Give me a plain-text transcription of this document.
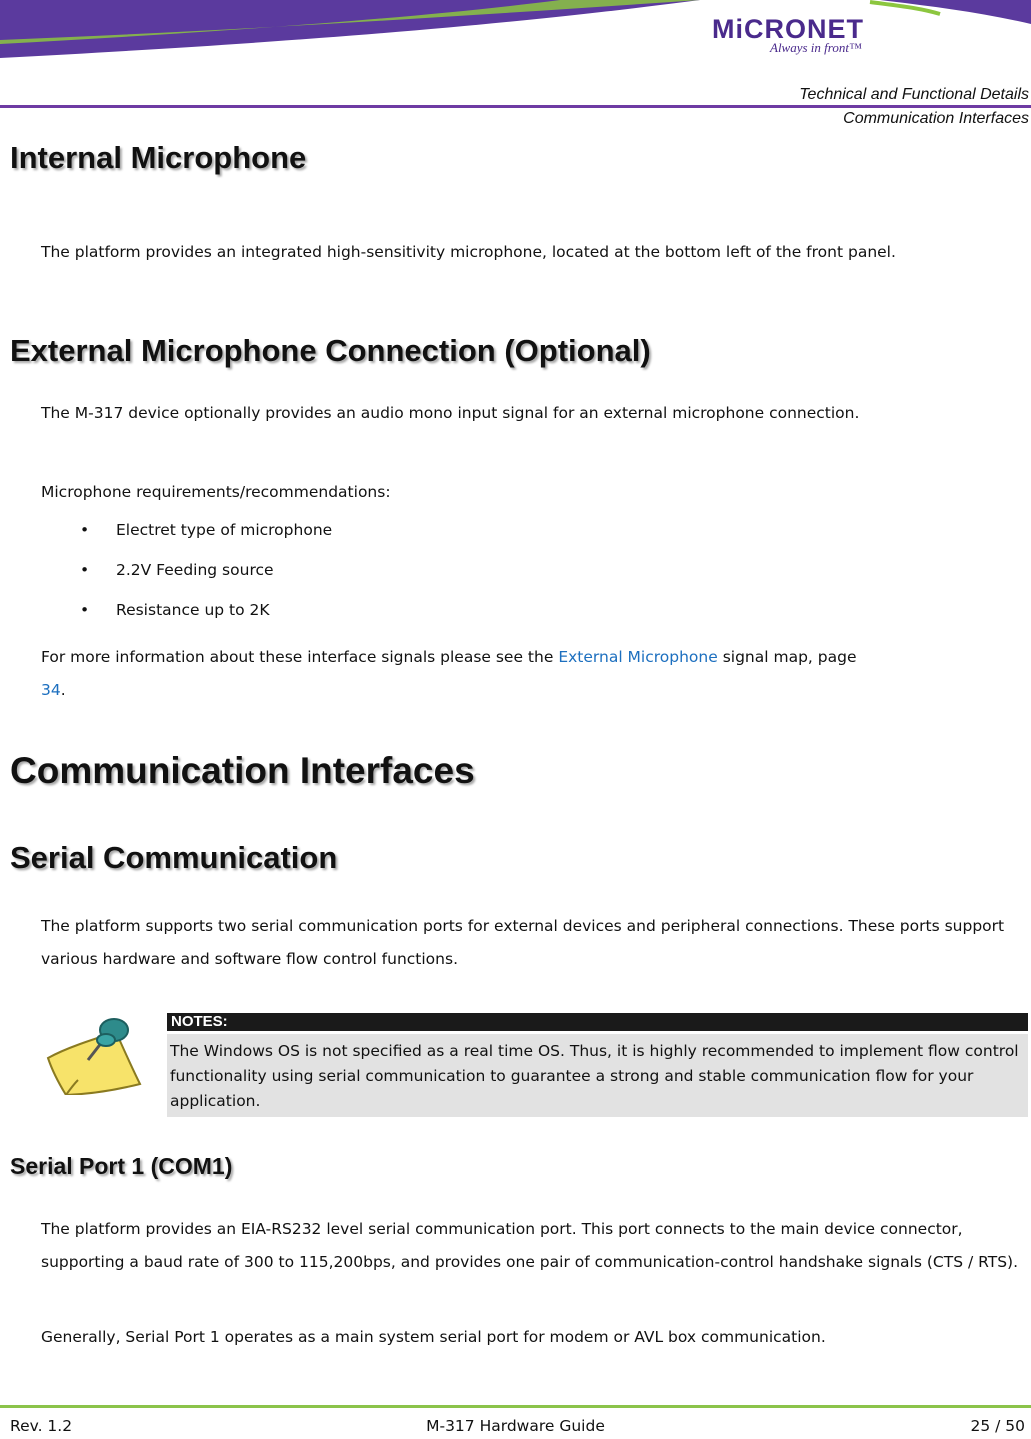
MiCRONET
Always in front™
Technical and Functional Details
Communication Interfaces
Internal Microphone

The platform provides an integrated high-sensitivity microphone, located at the bottom left of the front panel.

External Microphone Connection (Optional)

The M-317 device optionally provides an audio mono input signal for an external microphone connection.

Microphone requirements/recommendations:

• Electret type of microphone
• 2.2V Feeding source
• Resistance up to 2K

For more information about these interface signals please see the External Microphone signal map, page
34.

Communication Interfaces
Serial Communication

The platform supports two serial communication ports for external devices and peripheral connections. These ports support various hardware and software flow control functions.

NOTES:
The Windows OS is not specified as a real time OS. Thus, it is highly recommended to implement flow control functionality using serial communication to guarantee a strong and stable communication flow for your application.
Serial Port 1 (COM1)

The platform provides an EIA-RS232 level serial communication port. This port connects to the main device connector, supporting a baud rate of 300 to 115,200bps, and provides one pair of communication-control handshake signals (CTS / RTS).

Generally, Serial Port 1 operates as a main system serial port for modem or AVL box communication.

Rev. 1.2	M-317 Hardware Guide	25 / 50
